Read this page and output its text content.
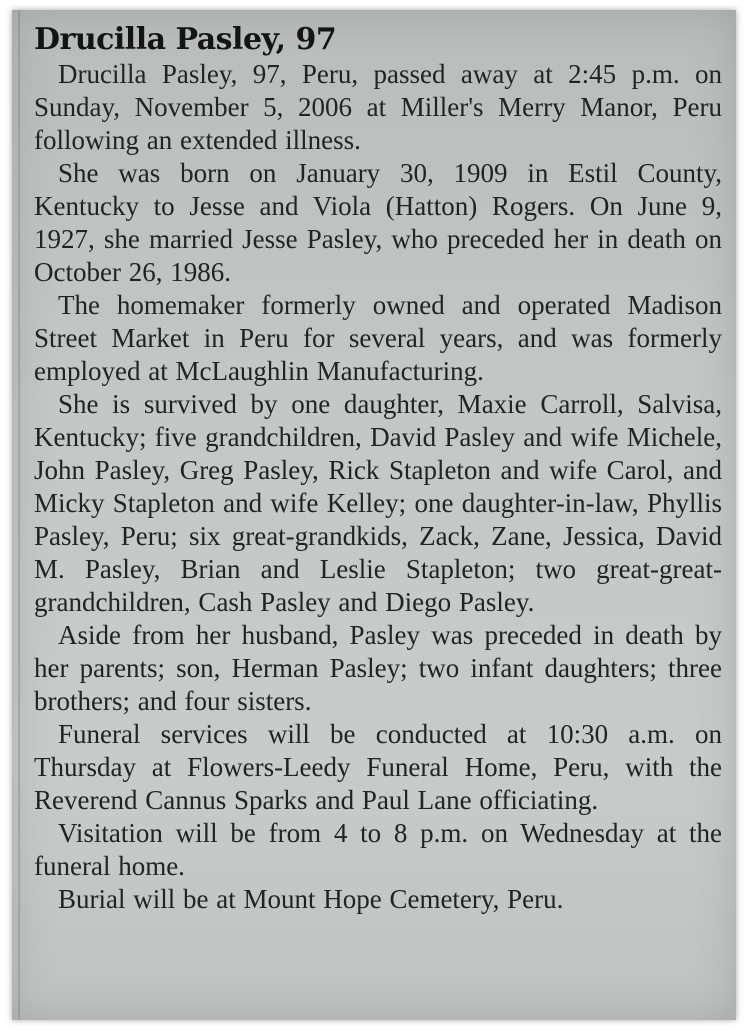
Drucilla Pasley, 97

Drucilla Pasley, 97, Peru, passed away at 2:45 p.m. on Sunday, November 5, 2006 at Miller's Merry Manor, Peru following an extended illness.

She was born on January 30, 1909 in Estil County, Kentucky to Jesse and Viola (Hatton) Rogers. On June 9, 1927, she married Jesse Pasley, who preceded her in death on October 26, 1986.

The homemaker formerly owned and operated Madison Street Market in Peru for several years, and was formerly employed at McLaughlin Manufacturing.

She is survived by one daughter, Maxie Carroll, Salvisa, Kentucky; five grandchildren, David Pasley and wife Michele, John Pasley, Greg Pasley, Rick Stapleton and wife Carol, and Micky Stapleton and wife Kelley; one daughter-in-law, Phyllis Pasley, Peru; six great-grandkids, Zack, Zane, Jessica, David M. Pasley, Brian and Leslie Stapleton; two great-great-grandchildren, Cash Pasley and Diego Pasley.

Aside from her husband, Pasley was preceded in death by her parents; son, Herman Pasley; two infant daughters; three brothers; and four sisters.

Funeral services will be conducted at 10:30 a.m. on Thursday at Flowers-Leedy Funeral Home, Peru, with the Reverend Cannus Sparks and Paul Lane officiating.

Visitation will be from 4 to 8 p.m. on Wednesday at the funeral home.

Burial will be at Mount Hope Cemetery, Peru.
